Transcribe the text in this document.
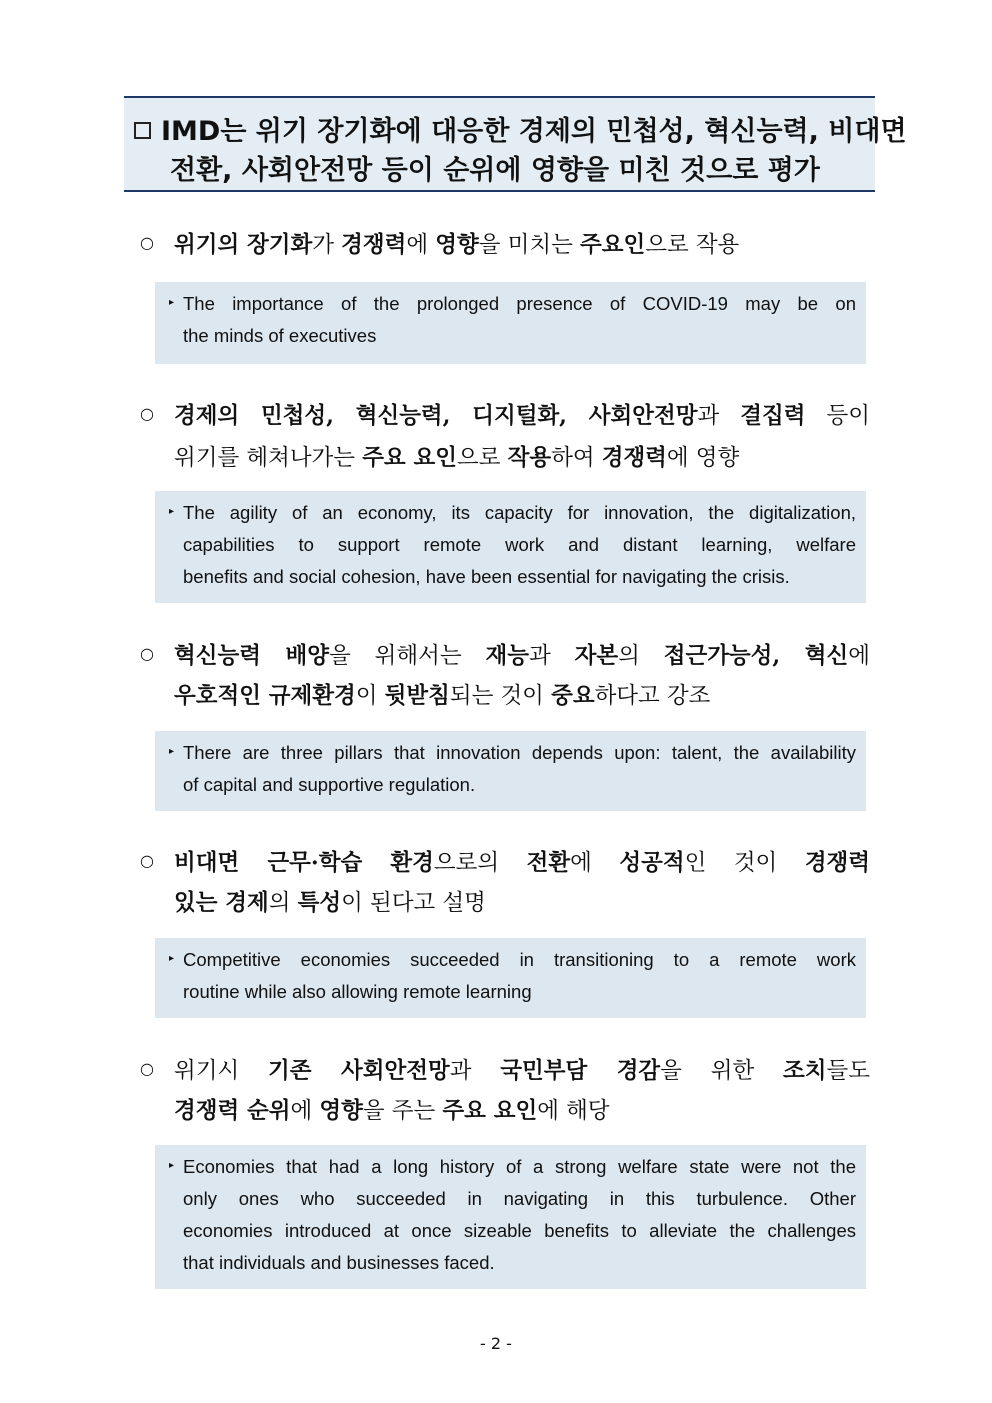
IMD는 위기 장기화에 대응한 경제의 민첩성, 혁신능력, 비대면
전환, 사회안전망 등이 순위에 영향을 미친 것으로 평가
○ 위기의 장기화가 경쟁력에 영향을 미치는 주요인으로 작용
▸ The importance of the prolonged presence of COVID-19 may be on
the minds of executives
○ 경제의 민첩성, 혁신능력, 디지털화, 사회안전망과 결집력 등이
위기를 헤쳐나가는 주요 요인으로 작용하여 경쟁력에 영향
▸ The agility of an economy, its capacity for innovation, the digitalization,
capabilities to support remote work and distant learning, welfare
benefits and social cohesion, have been essential for navigating the crisis.
○ 혁신능력 배양을 위해서는 재능과 자본의 접근가능성, 혁신에
우호적인 규제환경이 뒷받침되는 것이 중요하다고 강조
▸ There are three pillars that innovation depends upon: talent, the availability
of capital and supportive regulation.
○ 비대면 근무·학습 환경으로의 전환에 성공적인 것이 경쟁력
있는 경제의 특성이 된다고 설명
▸ Competitive economies succeeded in transitioning to a remote work
routine while also allowing remote learning
○ 위기시 기존 사회안전망과 국민부담 경감을 위한 조치들도
경쟁력 순위에 영향을 주는 주요 요인에 해당
▸ Economies that had a long history of a strong welfare state were not the
only ones who succeeded in navigating in this turbulence. Other
economies introduced at once sizeable benefits to alleviate the challenges
that individuals and businesses faced.
- 2 -
